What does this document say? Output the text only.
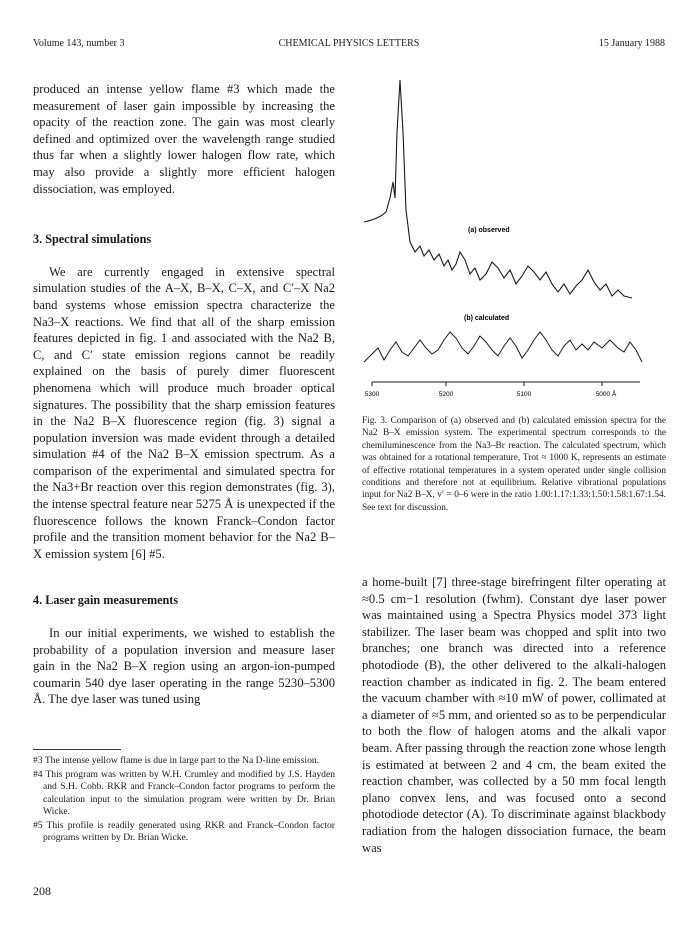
Volume 143, number 3	CHEMICAL PHYSICS LETTERS	15 January 1988

produced an intense yellow flame #3 which made the measurement of laser gain impossible by increasing the opacity of the reaction zone. The gain was most clearly defined and optimized over the wavelength range studied thus far when a slightly lower halogen flow rate, which may also provide a slightly more efficient halogen dissociation, was employed.

3. Spectral simulations

We are currently engaged in extensive spectral simulation studies of the A–X, B–X, C–X, and C′–X Na2 band systems whose emission spectra characterize the Na3–X reactions. We find that all of the sharp emission features depicted in fig. 1 and associated with the Na2 B, C, and C′ state emission regions cannot be readily explained on the basis of purely dimer fluorescent phenomena which will produce much broader optical signatures. The possibility that the sharp emission features in the Na2 B–X fluorescence region (fig. 3) signal a population inversion was made evident through a detailed simulation #4 of the Na2 B–X emission spectrum. As a comparison of the experimental and simulated spectra for the Na3+Br reaction over this region demonstrates (fig. 3), the intense spectral feature near 5275 Å is unexpected if the fluorescence follows the known Franck–Condon factor profile and the transition moment behavior for the Na2 B–X emission system [6] #5.

4. Laser gain measurements

In our initial experiments, we wished to establish the probability of a population inversion and measure laser gain in the Na2 B–X region using an argon-ion-pumped coumarin 540 dye laser operating in the range 5230–5300 Å. The dye laser was tuned using

#3 The intense yellow flame is due in large part to the Na D-line emission.

#4 This program was written by W.H. Crumley and modified by J.S. Hayden and S.H. Cobb. RKR and Franck–Condon factor programs to perform the calculation input to the simulation program were written by Dr. Brian Wicke.

#5 This profile is readily generated using RKR and Franck–Condon factor programs written by Dr. Brian Wicke.

208
(a) observed
(b) calculated
5300	5200	5100	5000 Å
Fig. 3. Comparison of (a) observed and (b) calculated emission spectra for the Na2 B–X emission system. The experimental spectrum corresponds to the chemiluminescence from the Na3–Br reaction. The calculated spectrum, which was obtained for a rotational temperature, Trot ≈ 1000 K, represents an estimate of effective rotational temperatures in a system operated under single collision conditions and therefore not at equilibrium. Relative vibrational populations input for Na2 B–X, v′ = 0–6 were in the ratio 1.00:1.17:1.33:1.50:1.58:1.67:1.54. See text for discussion.

a home-built [7] three-stage birefringent filter operating at ≈0.5 cm−1 resolution (fwhm). Constant dye laser power was maintained using a Spectra Physics model 373 light stabilizer. The laser beam was chopped and split into two branches; one branch was directed into a reference photodiode (B), the other delivered to the alkali-halogen reaction chamber as indicated in fig. 2. The beam entered the vacuum chamber with ≈10 mW of power, collimated at a diameter of ≈5 mm, and oriented so as to be perpendicular to both the flow of halogen atoms and the alkali vapor beam. After passing through the reaction zone whose length is estimated at between 2 and 4 cm, the beam exited the reaction chamber, was collected by a 50 mm focal length plano convex lens, and was focused onto a second photodiode detector (A). To discriminate against blackbody radiation from the halogen dissociation furnace, the beam was
